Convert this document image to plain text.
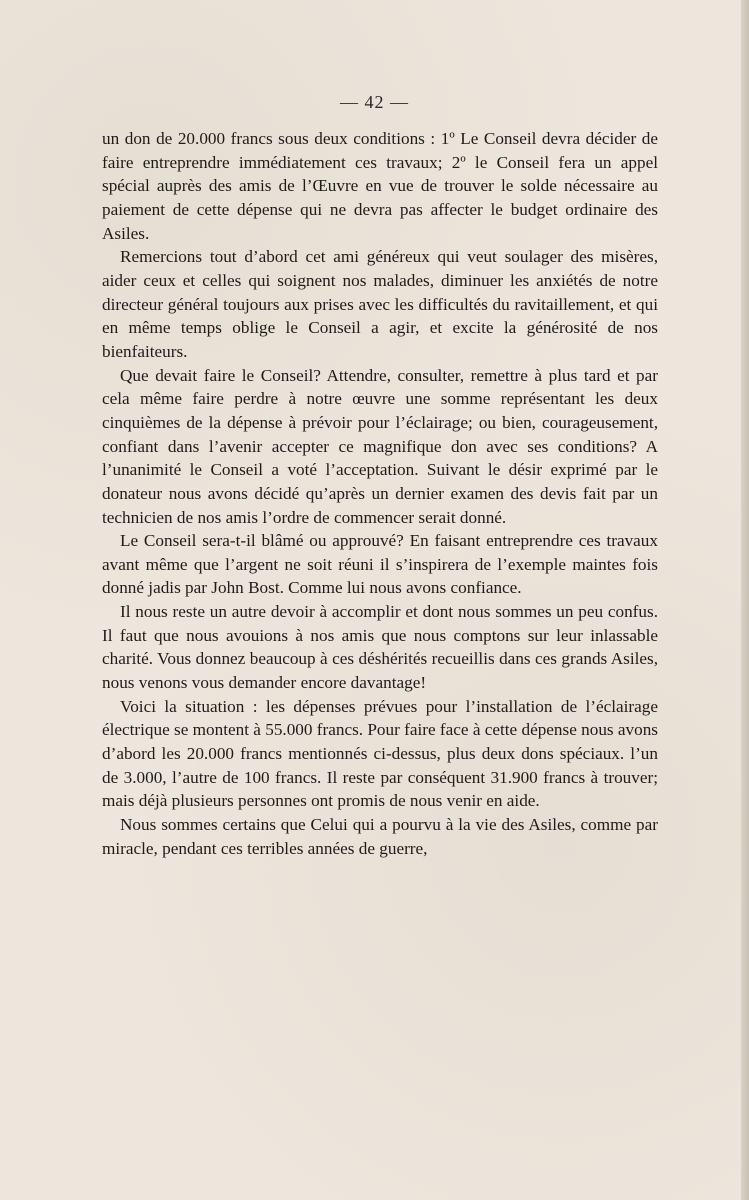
— 42 —

un don de 20.000 francs sous deux conditions : 1º Le Conseil devra décider de faire entreprendre immédiatement ces travaux; 2º le Conseil fera un appel spécial auprès des amis de l’Œuvre en vue de trouver le solde nécessaire au paiement de cette dépense qui ne devra pas affecter le budget ordinaire des Asiles.

Remercions tout d’abord cet ami généreux qui veut soulager des misères, aider ceux et celles qui soignent nos malades, diminuer les anxiétés de notre directeur général toujours aux prises avec les difficultés du ravitaillement, et qui en même temps oblige le Conseil a agir, et excite la générosité de nos bienfaiteurs.

Que devait faire le Conseil? Attendre, consulter, remettre à plus tard et par cela même faire perdre à notre œuvre une somme représentant les deux cinquièmes de la dépense à prévoir pour l’éclairage; ou bien, courageusement, confiant dans l’avenir accepter ce magnifique don avec ses conditions? A l’unanimité le Conseil a voté l’acceptation. Suivant le désir exprimé par le donateur nous avons décidé qu’après un dernier examen des devis fait par un technicien de nos amis l’ordre de commencer serait donné.

Le Conseil sera-t-il blâmé ou approuvé? En faisant entreprendre ces travaux avant même que l’argent ne soit réuni il s’inspirera de l’exemple maintes fois donné jadis par John Bost. Comme lui nous avons confiance.

Il nous reste un autre devoir à accomplir et dont nous sommes un peu confus. Il faut que nous avouions à nos amis que nous comptons sur leur inlassable charité. Vous donnez beaucoup à ces déshérités recueillis dans ces grands Asiles, nous venons vous demander encore davantage!

Voici la situation : les dépenses prévues pour l’installation de l’éclairage électrique se montent à 55.000 francs. Pour faire face à cette dépense nous avons d’abord les 20.000 francs mentionnés ci-dessus, plus deux dons spéciaux. l’un de 3.000, l’autre de 100 francs. Il reste par conséquent 31.900 francs à trouver; mais déjà plusieurs personnes ont promis de nous venir en aide.

Nous sommes certains que Celui qui a pourvu à la vie des Asiles, comme par miracle, pendant ces terribles années de guerre,
